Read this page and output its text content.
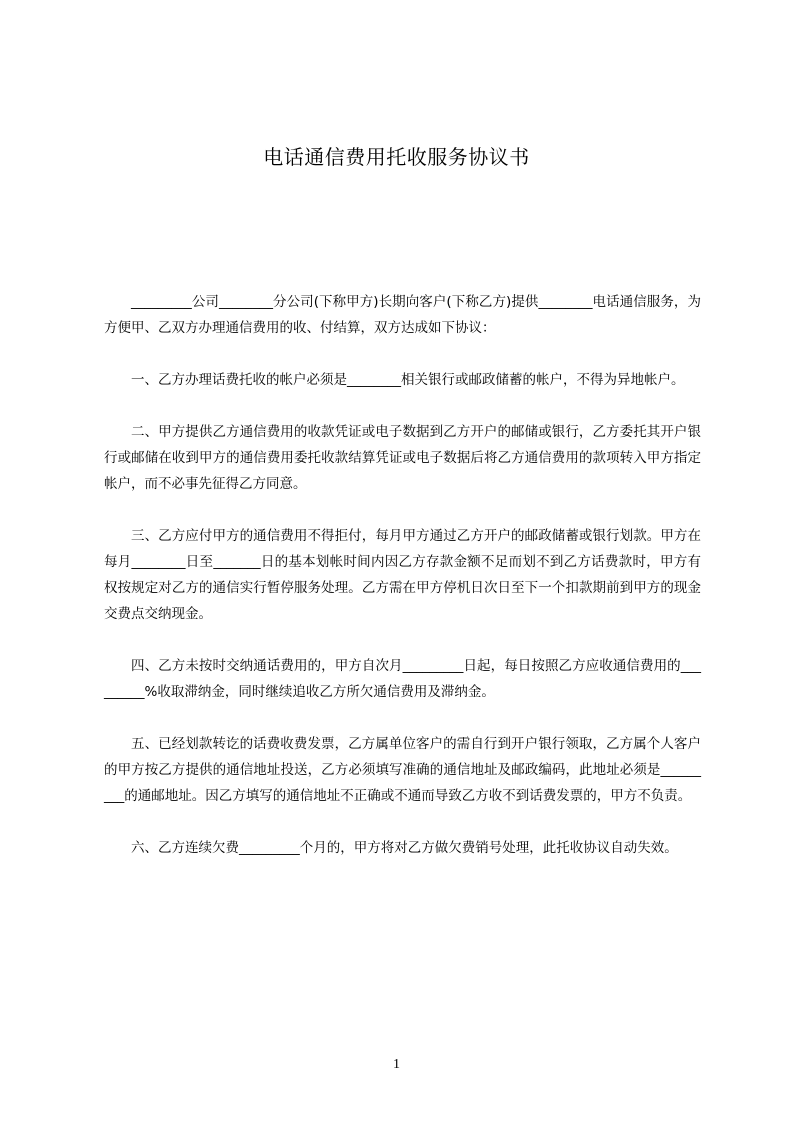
电话通信费用托收服务协议书

_________公司________分公司(下称甲方)长期向客户(下称乙方)提供________电话通信服务，为方便甲、乙双方办理通信费用的收、付结算，双方达成如下协议：

一、乙方办理话费托收的帐户必须是________相关银行或邮政储蓄的帐户，不得为异地帐户。

二、甲方提供乙方通信费用的收款凭证或电子数据到乙方开户的邮储或银行，乙方委托其开户银行或邮储在收到甲方的通信费用委托收款结算凭证或电子数据后将乙方通信费用的款项转入甲方指定帐户，而不必事先征得乙方同意。

三、乙方应付甲方的通信费用不得拒付，每月甲方通过乙方开户的邮政储蓄或银行划款。甲方在每月________日至_______日的基本划帐时间内因乙方存款金额不足而划不到乙方话费款时，甲方有权按规定对乙方的通信实行暂停服务处理。乙方需在甲方停机日次日至下一个扣款期前到甲方的现金交费点交纳现金。

四、乙方未按时交纳通话费用的，甲方自次月_________日起，每日按照乙方应收通信费用的_________%收取滞纳金，同时继续追收乙方所欠通信费用及滞纳金。

五、已经划款转讫的话费收费发票，乙方属单位客户的需自行到开户银行领取，乙方属个人客户的甲方按乙方提供的通信地址投送，乙方必须填写准确的通信地址及邮政编码，此地址必须是_________的通邮地址。因乙方填写的通信地址不正确或不通而导致乙方收不到话费发票的，甲方不负责。

六、乙方连续欠费_________个月的，甲方将对乙方做欠费销号处理，此托收协议自动失效。

1
